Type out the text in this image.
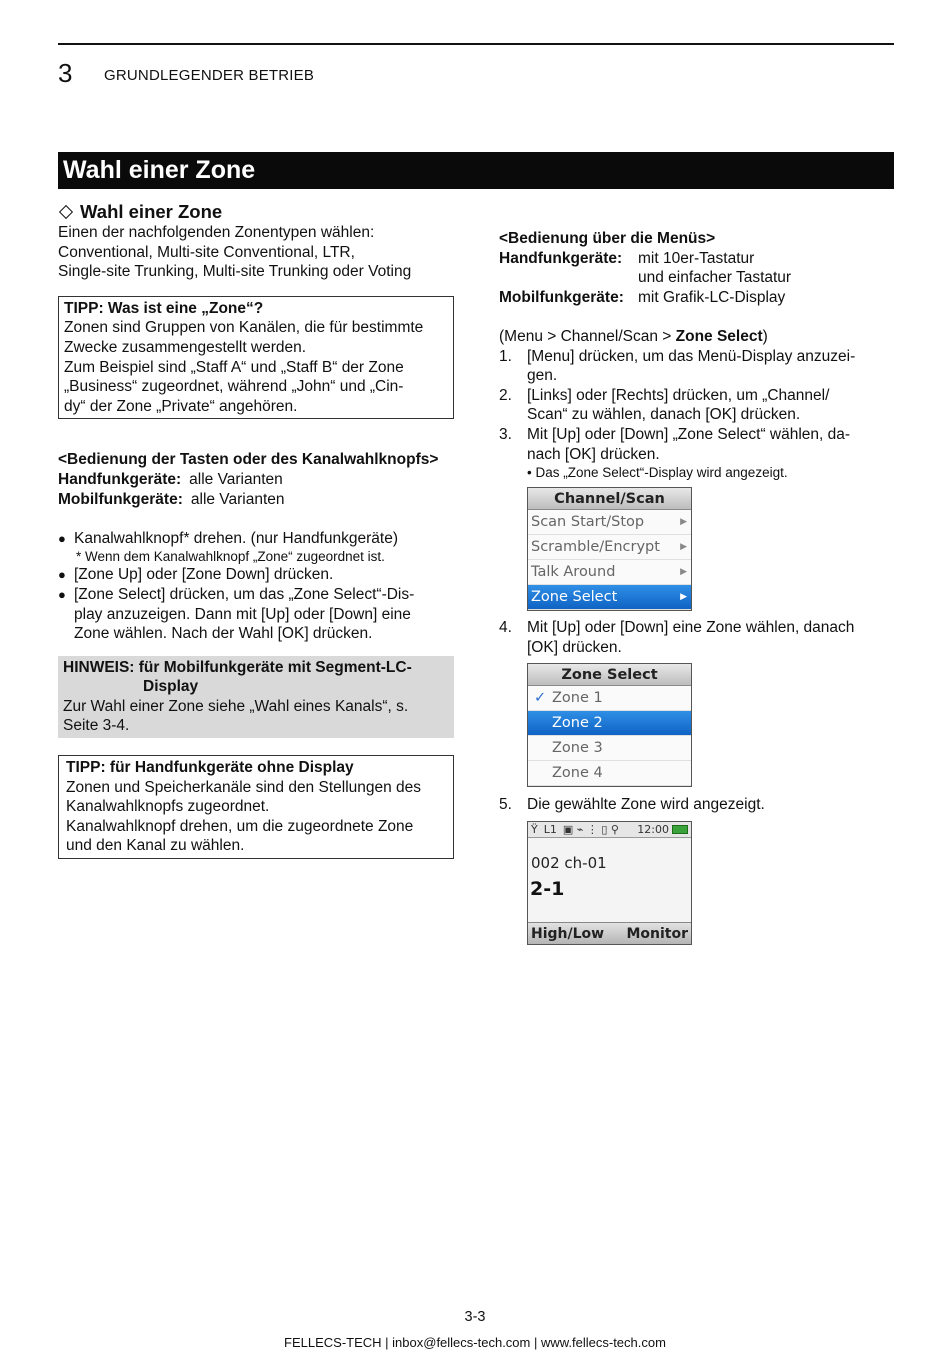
3 GRUNDLEGENDER BETRIEB
Wahl einer Zone
Wahl einer Zone
Einen der nachfolgenden Zonentypen wählen:
Conventional, Multi-site Conventional, LTR,
Single-site Trunking, Multi-site Trunking oder Voting
TIPP: Was ist eine „Zone“?
Zonen sind Gruppen von Kanälen, die für bestimmte
Zwecke zusammengestellt werden.
Zum Beispiel sind „Staff A“ und „Staff B“ der Zone
„Business“ zugeordnet, während „John“ und „Cin-
dy“ der Zone „Private“ angehören.
<Bedienung der Tasten oder des Kanalwahlknopfs>
Handfunkgeräte: alle Varianten
Mobilfunkgeräte: alle Varianten
● Kanalwahlknopf* drehen. (nur Handfunkgeräte)
* Wenn dem Kanalwahlknopf „Zone“ zugeordnet ist.
● [Zone Up] oder [Zone Down] drücken.
● [Zone Select] drücken, um das „Zone Select“-Dis-
play anzuzeigen. Dann mit [Up] oder [Down] eine
Zone wählen. Nach der Wahl [OK] drücken.
HINWEIS: für Mobilfunkgeräte mit Segment-LC-
Display
Zur Wahl einer Zone siehe „Wahl eines Kanals“, s.
Seite 3-4.
TIPP: für Handfunkgeräte ohne Display
Zonen und Speicherkanäle sind den Stellungen des
Kanalwahlknopfs zugeordnet.
Kanalwahlknopf drehen, um die zugeordnete Zone
und den Kanal zu wählen.
<Bedienung über die Menüs>
Handfunkgeräte:	mit 10er-Tastatur
und einfacher Tastatur
Mobilfunkgeräte: mit Grafik-LC-Display
(Menu > Channel/Scan > Zone Select)
1. [Menu] drücken, um das Menü-Display anzuzei-
gen.
2. [Links] oder [Rechts] drücken, um „Channel/
Scan“ zu wählen, danach [OK] drücken.
3. Mit [Up] oder [Down] „Zone Select“ wählen, da-
nach [OK] drücken.
• Das „Zone Select“-Display wird angezeigt.
Channel/Scan
Scan Start/Stop	▶
Scramble/Encrypt ▶
Talk Around	▶
Zone Select	▶
4. Mit [Up] oder [Down] eine Zone wählen, danach
[OK] drücken.
Zone Select
✓ Zone 1
Zone 2
Zone 3
Zone 4
5. Die gewählte Zone wird angezeigt.
Ÿ L1 ▣ ⌁ ⋮ ▯ ⚲ 12:00
002 ch-01
2-1
High/Low Monitor
3-3
FELLECS-TECH | inbox@fellecs-tech.com | www.fellecs-tech.com
